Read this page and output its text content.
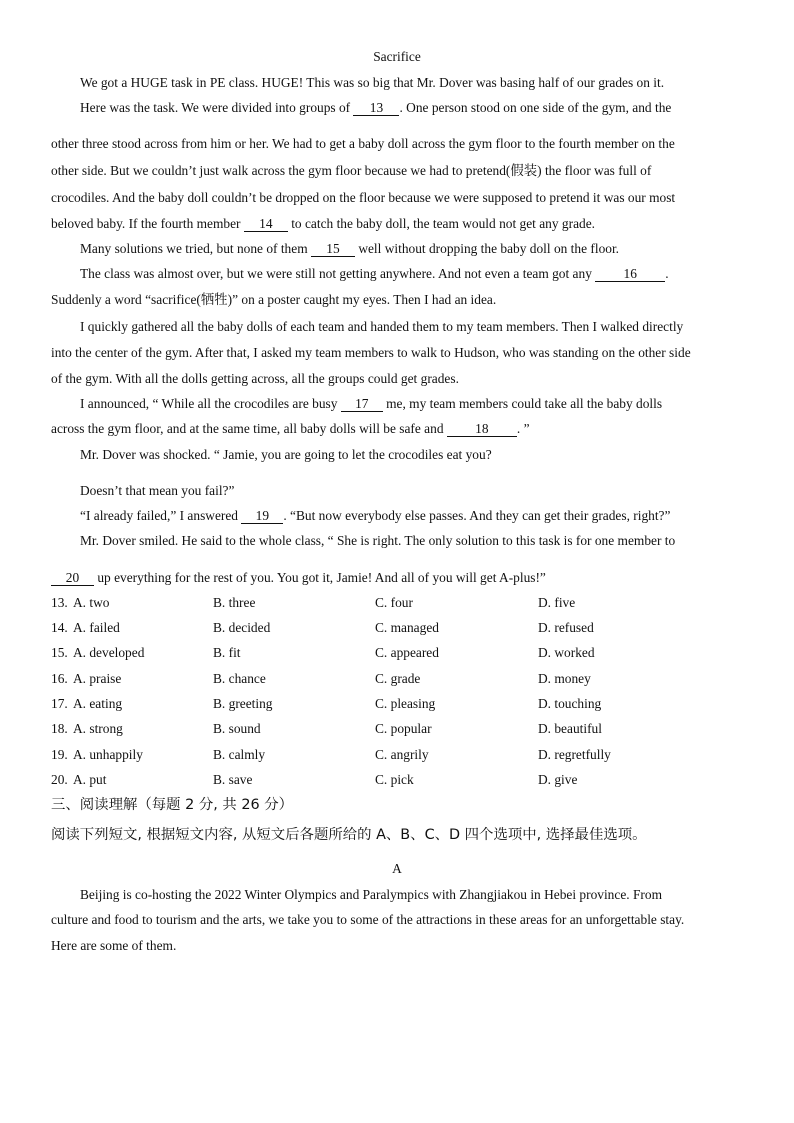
Sacrifice
We got a HUGE task in PE class. HUGE! This was so big that Mr. Dover was basing half of our grades on it.
Here was the task. We were divided into groups of 13 . One person stood on one side of the gym, and the
other three stood across from him or her. We had to get a baby doll across the gym floor to the fourth member on the
other side. But we couldn’t just walk across the gym floor because we had to pretend(假装) the floor was full of
crocodiles. And the baby doll couldn’t be dropped on the floor because we were supposed to pretend it was our most
beloved baby. If the fourth member 14 to catch the baby doll, the team would not get any grade.
Many solutions we tried, but none of them 15 well without dropping the baby doll on the floor.
The class was almost over, but we were still not getting anywhere. And not even a team got any 16 .
Suddenly a word “sacrifice(牺牲)” on a poster caught my eyes. Then I had an idea.
I quickly gathered all the baby dolls of each team and handed them to my team members. Then I walked directly
into the center of the gym. After that, I asked my team members to walk to Hudson, who was standing on the other side
of the gym. With all the dolls getting across, all the groups could get grades.
I announced, “ While all the crocodiles are busy 17 me, my team members could take all the baby dolls
across the gym floor, and at the same time, all baby dolls will be safe and 18 . ”
Mr. Dover was shocked. “ Jamie, you are going to let the crocodiles eat you?
Doesn’t that mean you fail?”
“I already failed,” I answered 19 . “But now everybody else passes. And they can get their grades, right?”
Mr. Dover smiled. He said to the whole class, “ She is right. The only solution to this task is for one member to
20 up everything for the rest of you. You got it, Jamie! And all of you will get A-plus!”
13. A. two	B. three	C. four	D. five
14. A. failed	B. decided	C. managed	D. refused
15. A. developed	B. fit	C. appeared	D. worked
16. A. praise	B. chance	C. grade	D. money
17. A. eating	B. greeting	C. pleasing	D. touching
18. A. strong	B. sound	C. popular	D. beautiful
19. A. unhappily	B. calmly	C. angrily	D. regretfully
20. A. put	B. save	C. pick	D. give
三、阅读理解（每题 2 分, 共 26 分）
阅读下列短文, 根据短文内容, 从短文后各题所给的 A、B、C、D 四个选项中, 选择最佳选项。
A
Beijing is co-hosting the 2022 Winter Olympics and Paralympics with Zhangjiakou in Hebei province. From
culture and food to tourism and the arts, we take you to some of the attractions in these areas for an unforgettable stay.
Here are some of them.
